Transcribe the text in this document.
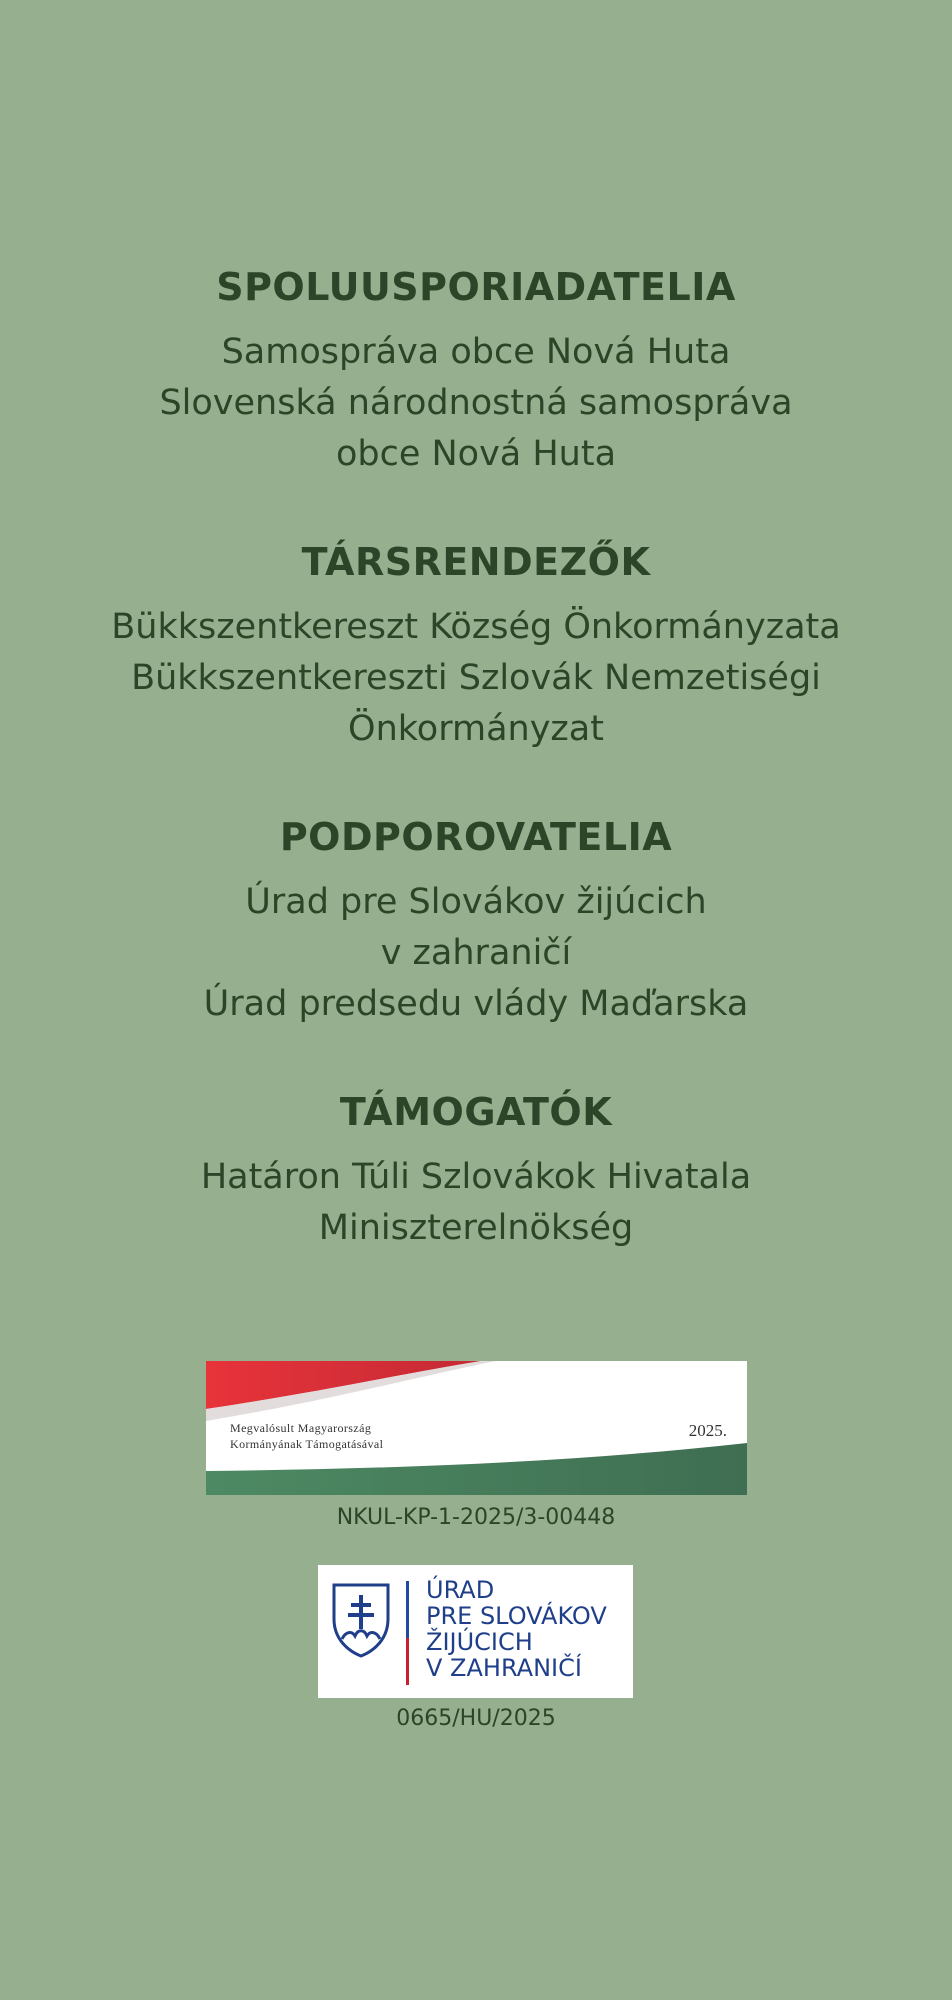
SPOLUUSPORIADATELIA
Samospráva obce Nová Huta
Slovenská národnostná samospráva
obce Nová Huta
TÁRSRENDEZŐK
Bükkszentkereszt Község Önkormányzata
Bükkszentkereszti Szlovák Nemzetiségi
Önkormányzat
PODPOROVATELIA
Úrad pre Slovákov žijúcich
v zahraničí
Úrad predsedu vlády Maďarska
TÁMOGATÓK
Határon Túli Szlovákok Hivatala
Miniszterelnökség
Megvalósult Magyarország
Kormányának Támogatásával
2025.
NKUL-KP-1-2025/3-00448
ÚRAD
PRE SLOVÁKOV
ŽIJÚCICH
V ZAHRANIČÍ
0665/HU/2025
